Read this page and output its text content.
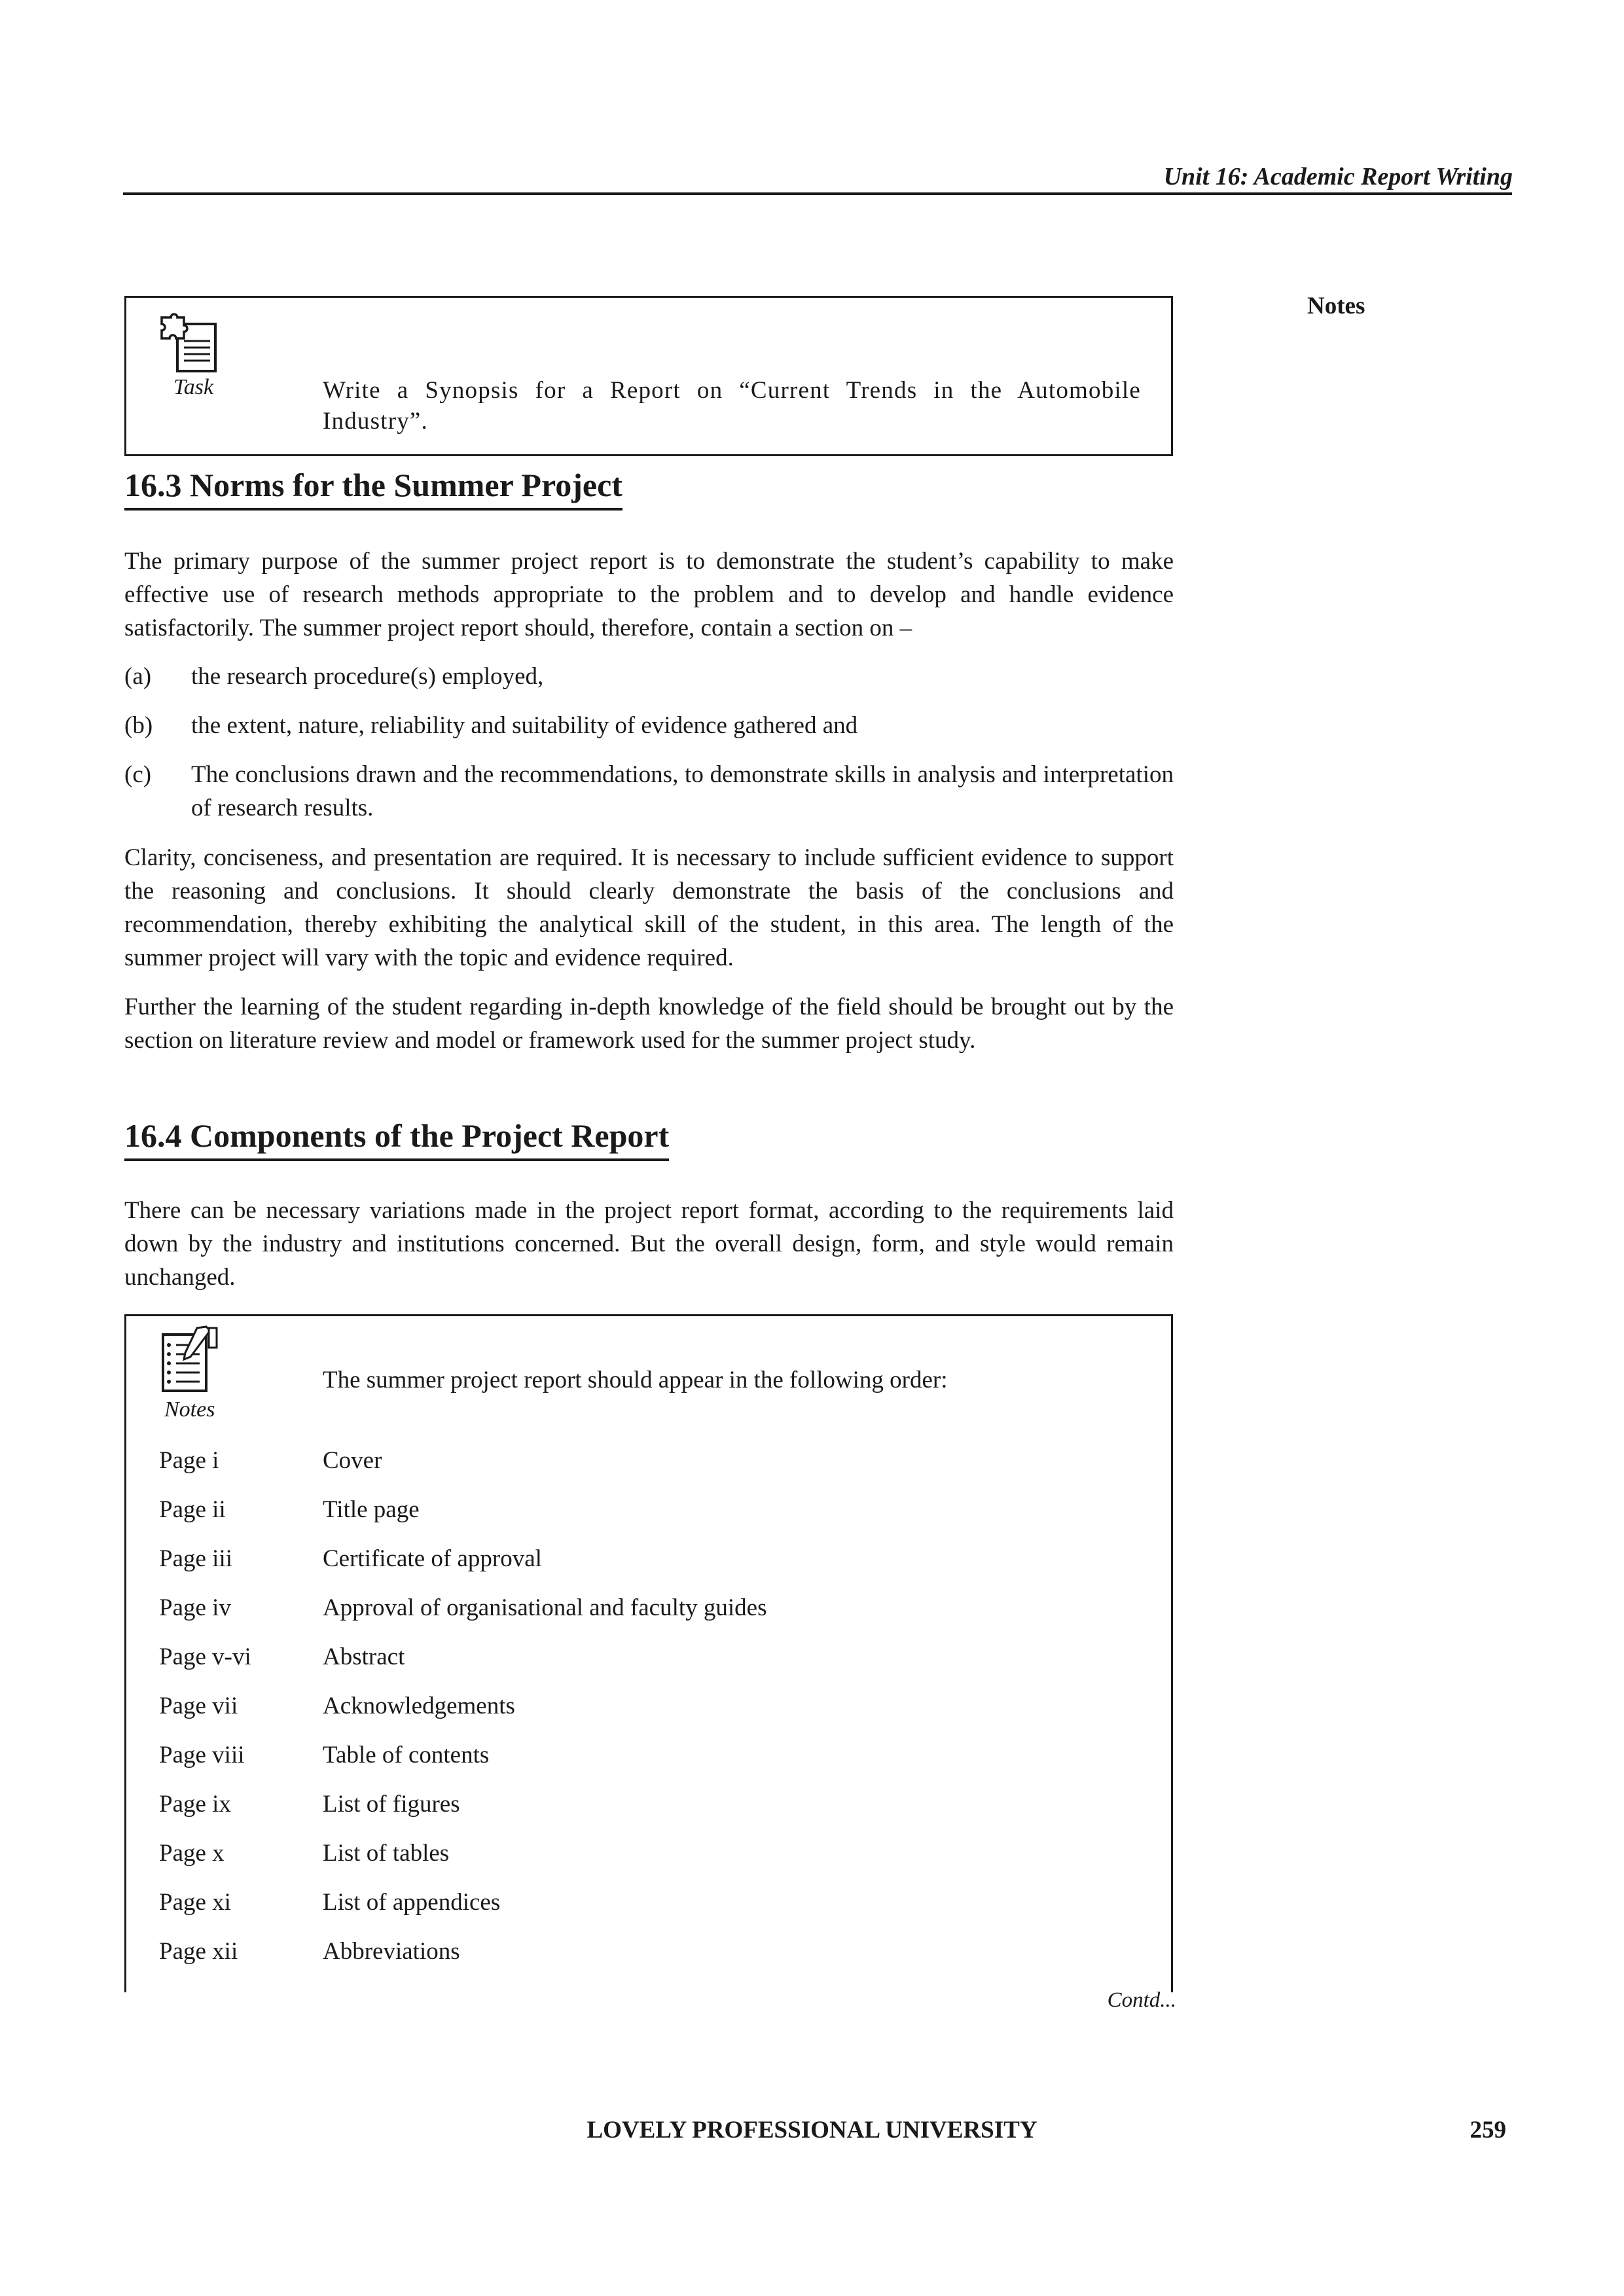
Unit 16: Academic Report Writing
Notes
Task	Write a Synopsis for a Report on “Current Trends in the Automobile Industry”.
16.3 Norms for the Summer Project

The primary purpose of the summer project report is to demonstrate the student’s capability to make effective use of research methods appropriate to the problem and to develop and handle evidence satisfactorily. The summer project report should, therefore, contain a section on –

(a) the research procedure(s) employed,
(b) the extent, nature, reliability and suitability of evidence gathered and
(c) The conclusions drawn and the recommendations, to demonstrate skills in analysis and interpretation of research results.

Clarity, conciseness, and presentation are required. It is necessary to include sufficient evidence to support the reasoning and conclusions. It should clearly demonstrate the basis of the conclusions and recommendation, thereby exhibiting the analytical skill of the student, in this area. The length of the summer project will vary with the topic and evidence required.

Further the learning of the student regarding in-depth knowledge of the field should be brought out by the section on literature review and model or framework used for the summer project study.

16.4 Components of the Project Report

There can be necessary variations made in the project report format, according to the requirements laid down by the industry and institutions concerned. But the overall design, form, and style would remain unchanged.

Notes
The summer project report should appear in the following order:
Page i	Cover
Page ii	Title page
Page iii	Certificate of approval
Page iv	Approval of organisational and faculty guides
Page v-vi	Abstract
Page vii	Acknowledgements
Page viii	Table of contents
Page ix	List of figures
Page x	List of tables
Page xi	List of appendices
Page xii	Abbreviations
Contd...
LOVELY PROFESSIONAL UNIVERSITY	259
